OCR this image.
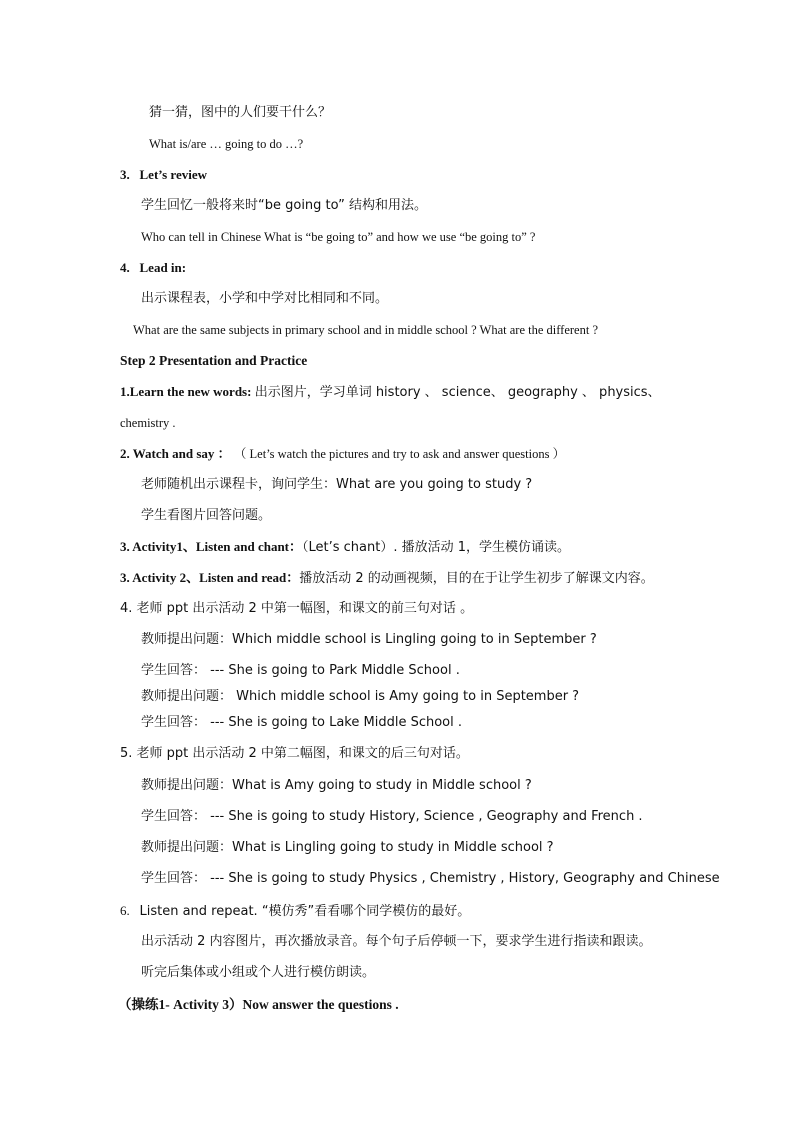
猜一猜，图中的人们要干什么？
What is/are … going to do …?
3. Let’s review
学生回忆一般将来时“be going to” 结构和用法。
Who can tell in Chinese What is “be going to” and how we use “be going to” ?
4. Lead in:
出示课程表，小学和中学对比相同和不同。
What are the same subjects in primary school and in middle school ? What are the different ?
Step 2 Presentation and Practice
1.Learn the new words: 出示图片，学习单词 history 、 science、 geography 、 physics、
chemistry .
2. Watch and say ： （ Let’s watch the pictures and try to ask and answer questions ）
老师随机出示课程卡，询问学生：What are you going to study ?
学生看图片回答问题。
3. Activity1、Listen and chant：（Let’s chant）. 播放活动 1，学生模仿诵读。
3. Activity 2、Listen and read：播放活动 2 的动画视频，目的在于让学生初步了解课文内容。
4. 老师 ppt 出示活动 2 中第一幅图，和课文的前三句对话 。
教师提出问题：Which middle school is Lingling going to in September ?
学生回答： --- She is going to Park Middle School .
教师提出问题： Which middle school is Amy going to in September ?
学生回答： --- She is going to Lake Middle School .
5. 老师 ppt 出示活动 2 中第二幅图，和课文的后三句对话。
教师提出问题：What is Amy going to study in Middle school ?
学生回答： --- She is going to study History, Science , Geography and French .
教师提出问题：What is Lingling going to study in Middle school ?
学生回答： --- She is going to study Physics , Chemistry , History, Geography and Chinese
6. Listen and repeat. “模仿秀”看看哪个同学模仿的最好。
出示活动 2 内容图片，再次播放录音。每个句子后停顿一下，要求学生进行指读和跟读。
听完后集体或小组或个人进行模仿朗读。
（操练1- Activity 3）Now answer the questions .
